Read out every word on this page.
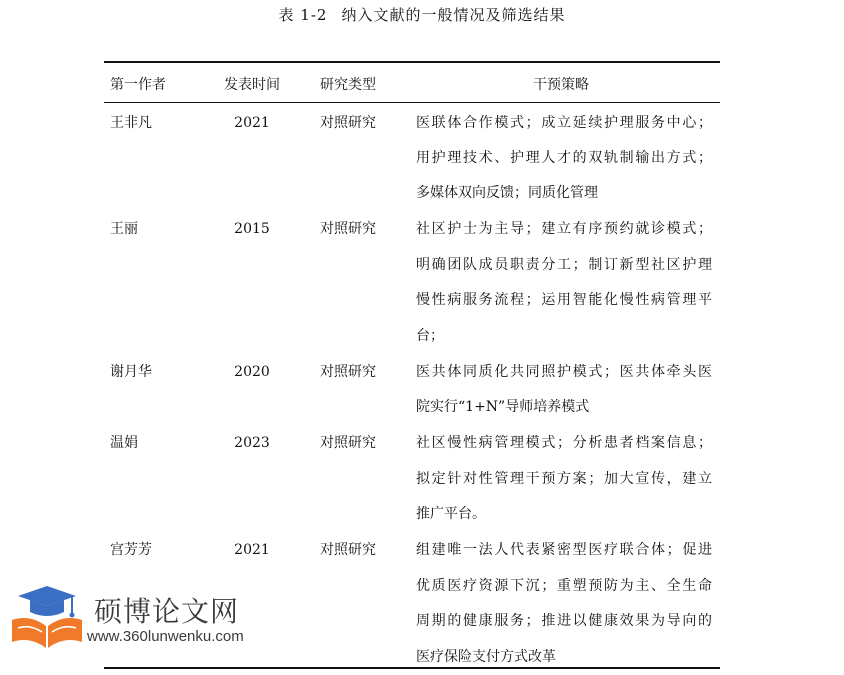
表 1-2 纳入文献的一般情况及筛选结果
第一作者	发表时间	研究类型	干预策略
王非凡	2021	对照研究	医联体合作模式；成立延续护理服务中心；
用护理技术、护理人才的双轨制输出方式；
多媒体双向反馈；同质化管理
王丽	2015	对照研究	社区护士为主导；建立有序预约就诊模式；
明确团队成员职责分工；制订新型社区护理
慢性病服务流程；运用智能化慢性病管理平
台；
谢月华	2020	对照研究	医共体同质化共同照护模式；医共体牵头医
院实行“1+N”导师培养模式
温娟	2023	对照研究	社区慢性病管理模式；分析患者档案信息；
拟定针对性管理干预方案；加大宣传，建立
推广平台。
宫芳芳	2021	对照研究	组建唯一法人代表紧密型医疗联合体；促进
优质医疗资源下沉；重塑预防为主、全生命
周期的健康服务；推进以健康效果为导向的
医疗保险支付方式改革
硕博论文网
www.360lunwenku.com
